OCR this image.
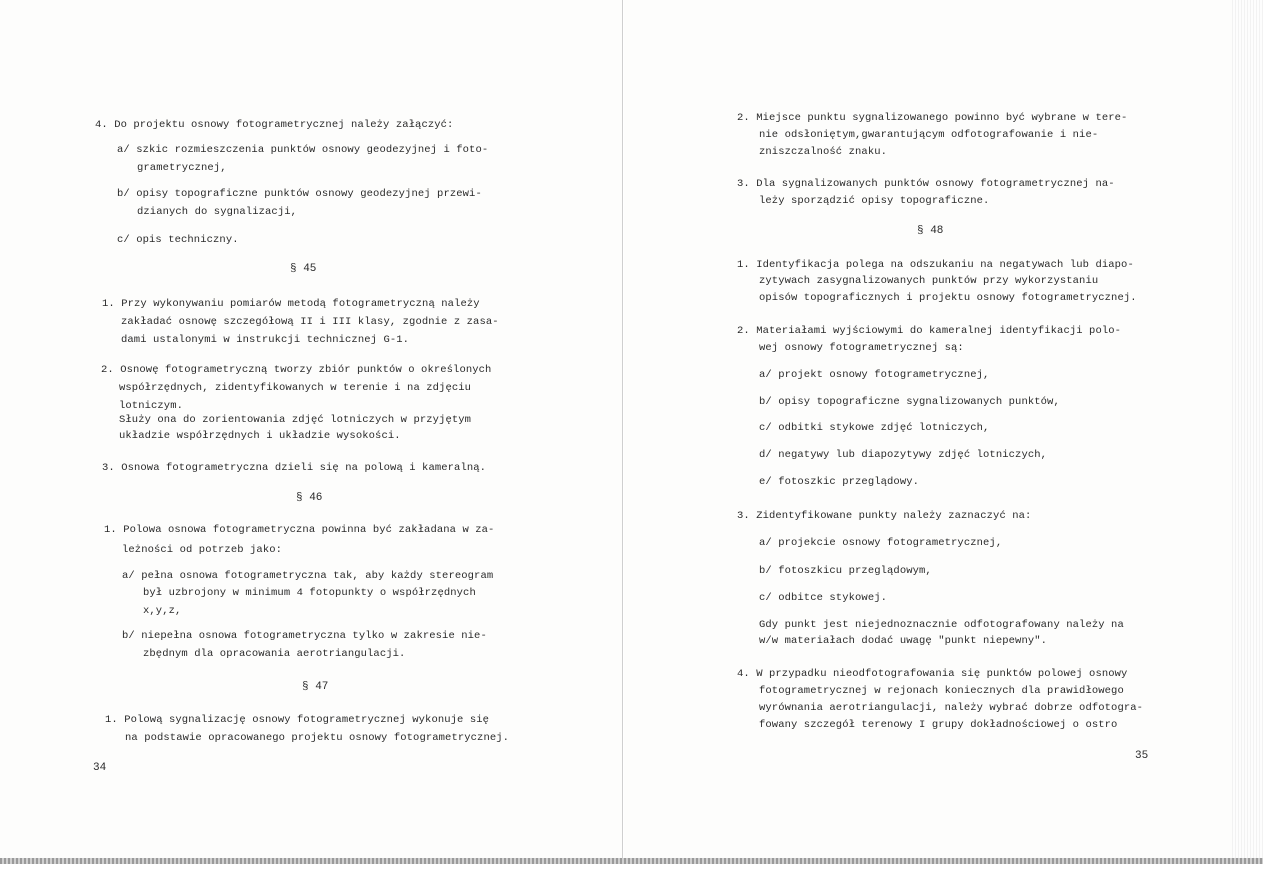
4. Do projektu osnowy fotogrametrycznej należy załączyć:
a/ szkic rozmieszczenia punktów osnowy geodezyjnej i foto-
grametrycznej,
b/ opisy topograficzne punktów osnowy geodezyjnej przewi-
dzianych do sygnalizacji,
c/ opis techniczny.
§ 45
1. Przy wykonywaniu pomiarów metodą fotogrametryczną należy
zakładać osnowę szczegółową II i III klasy, zgodnie z zasa-
dami ustalonymi w instrukcji technicznej G-1.
2. Osnowę fotogrametryczną tworzy zbiór punktów o określonych
współrzędnych, zidentyfikowanych w terenie i na zdjęciu
lotniczym.
Służy ona do zorientowania zdjęć lotniczych w przyjętym
układzie współrzędnych i układzie wysokości.
3. Osnowa fotogrametryczna dzieli się na polową i kameralną.
§ 46
1. Polowa osnowa fotogrametryczna powinna być zakładana w za-
leżności od potrzeb jako:
a/ pełna osnowa fotogrametryczna tak, aby każdy stereogram
był uzbrojony w minimum 4 fotopunkty o współrzędnych
x,y,z,
b/ niepełna osnowa fotogrametryczna tylko w zakresie nie-
zbędnym dla opracowania aerotriangulacji.
§ 47
1. Polową sygnalizację osnowy fotogrametrycznej wykonuje się
na podstawie opracowanego projektu osnowy fotogrametrycznej.
34
2. Miejsce punktu sygnalizowanego powinno być wybrane w tere-
nie odsłoniętym,gwarantującym odfotografowanie i nie-
zniszczalność znaku.
3. Dla sygnalizowanych punktów osnowy fotogrametrycznej na-
leży sporządzić opisy topograficzne.
§ 48
1. Identyfikacja polega na odszukaniu na negatywach lub diapo-
zytywach zasygnalizowanych punktów przy wykorzystaniu
opisów topograficznych i projektu osnowy fotogrametrycznej.
2. Materiałami wyjściowymi do kameralnej identyfikacji polo-
wej osnowy fotogrametrycznej są:
a/ projekt osnowy fotogrametrycznej,
b/ opisy topograficzne sygnalizowanych punktów,
c/ odbitki stykowe zdjęć lotniczych,
d/ negatywy lub diapozytywy zdjęć lotniczych,
e/ fotoszkic przeglądowy.
3. Zidentyfikowane punkty należy zaznaczyć na:
a/ projekcie osnowy fotogrametrycznej,
b/ fotoszkicu przeglądowym,
c/ odbitce stykowej.
Gdy punkt jest niejednoznacznie odfotografowany należy na
w/w materiałach dodać uwagę "punkt niepewny".
4. W przypadku nieodfotografowania się punktów polowej osnowy
fotogrametrycznej w rejonach koniecznych dla prawidłowego
wyrównania aerotriangulacji, należy wybrać dobrze odfotogra-
fowany szczegół terenowy I grupy dokładnościowej o ostro
35
